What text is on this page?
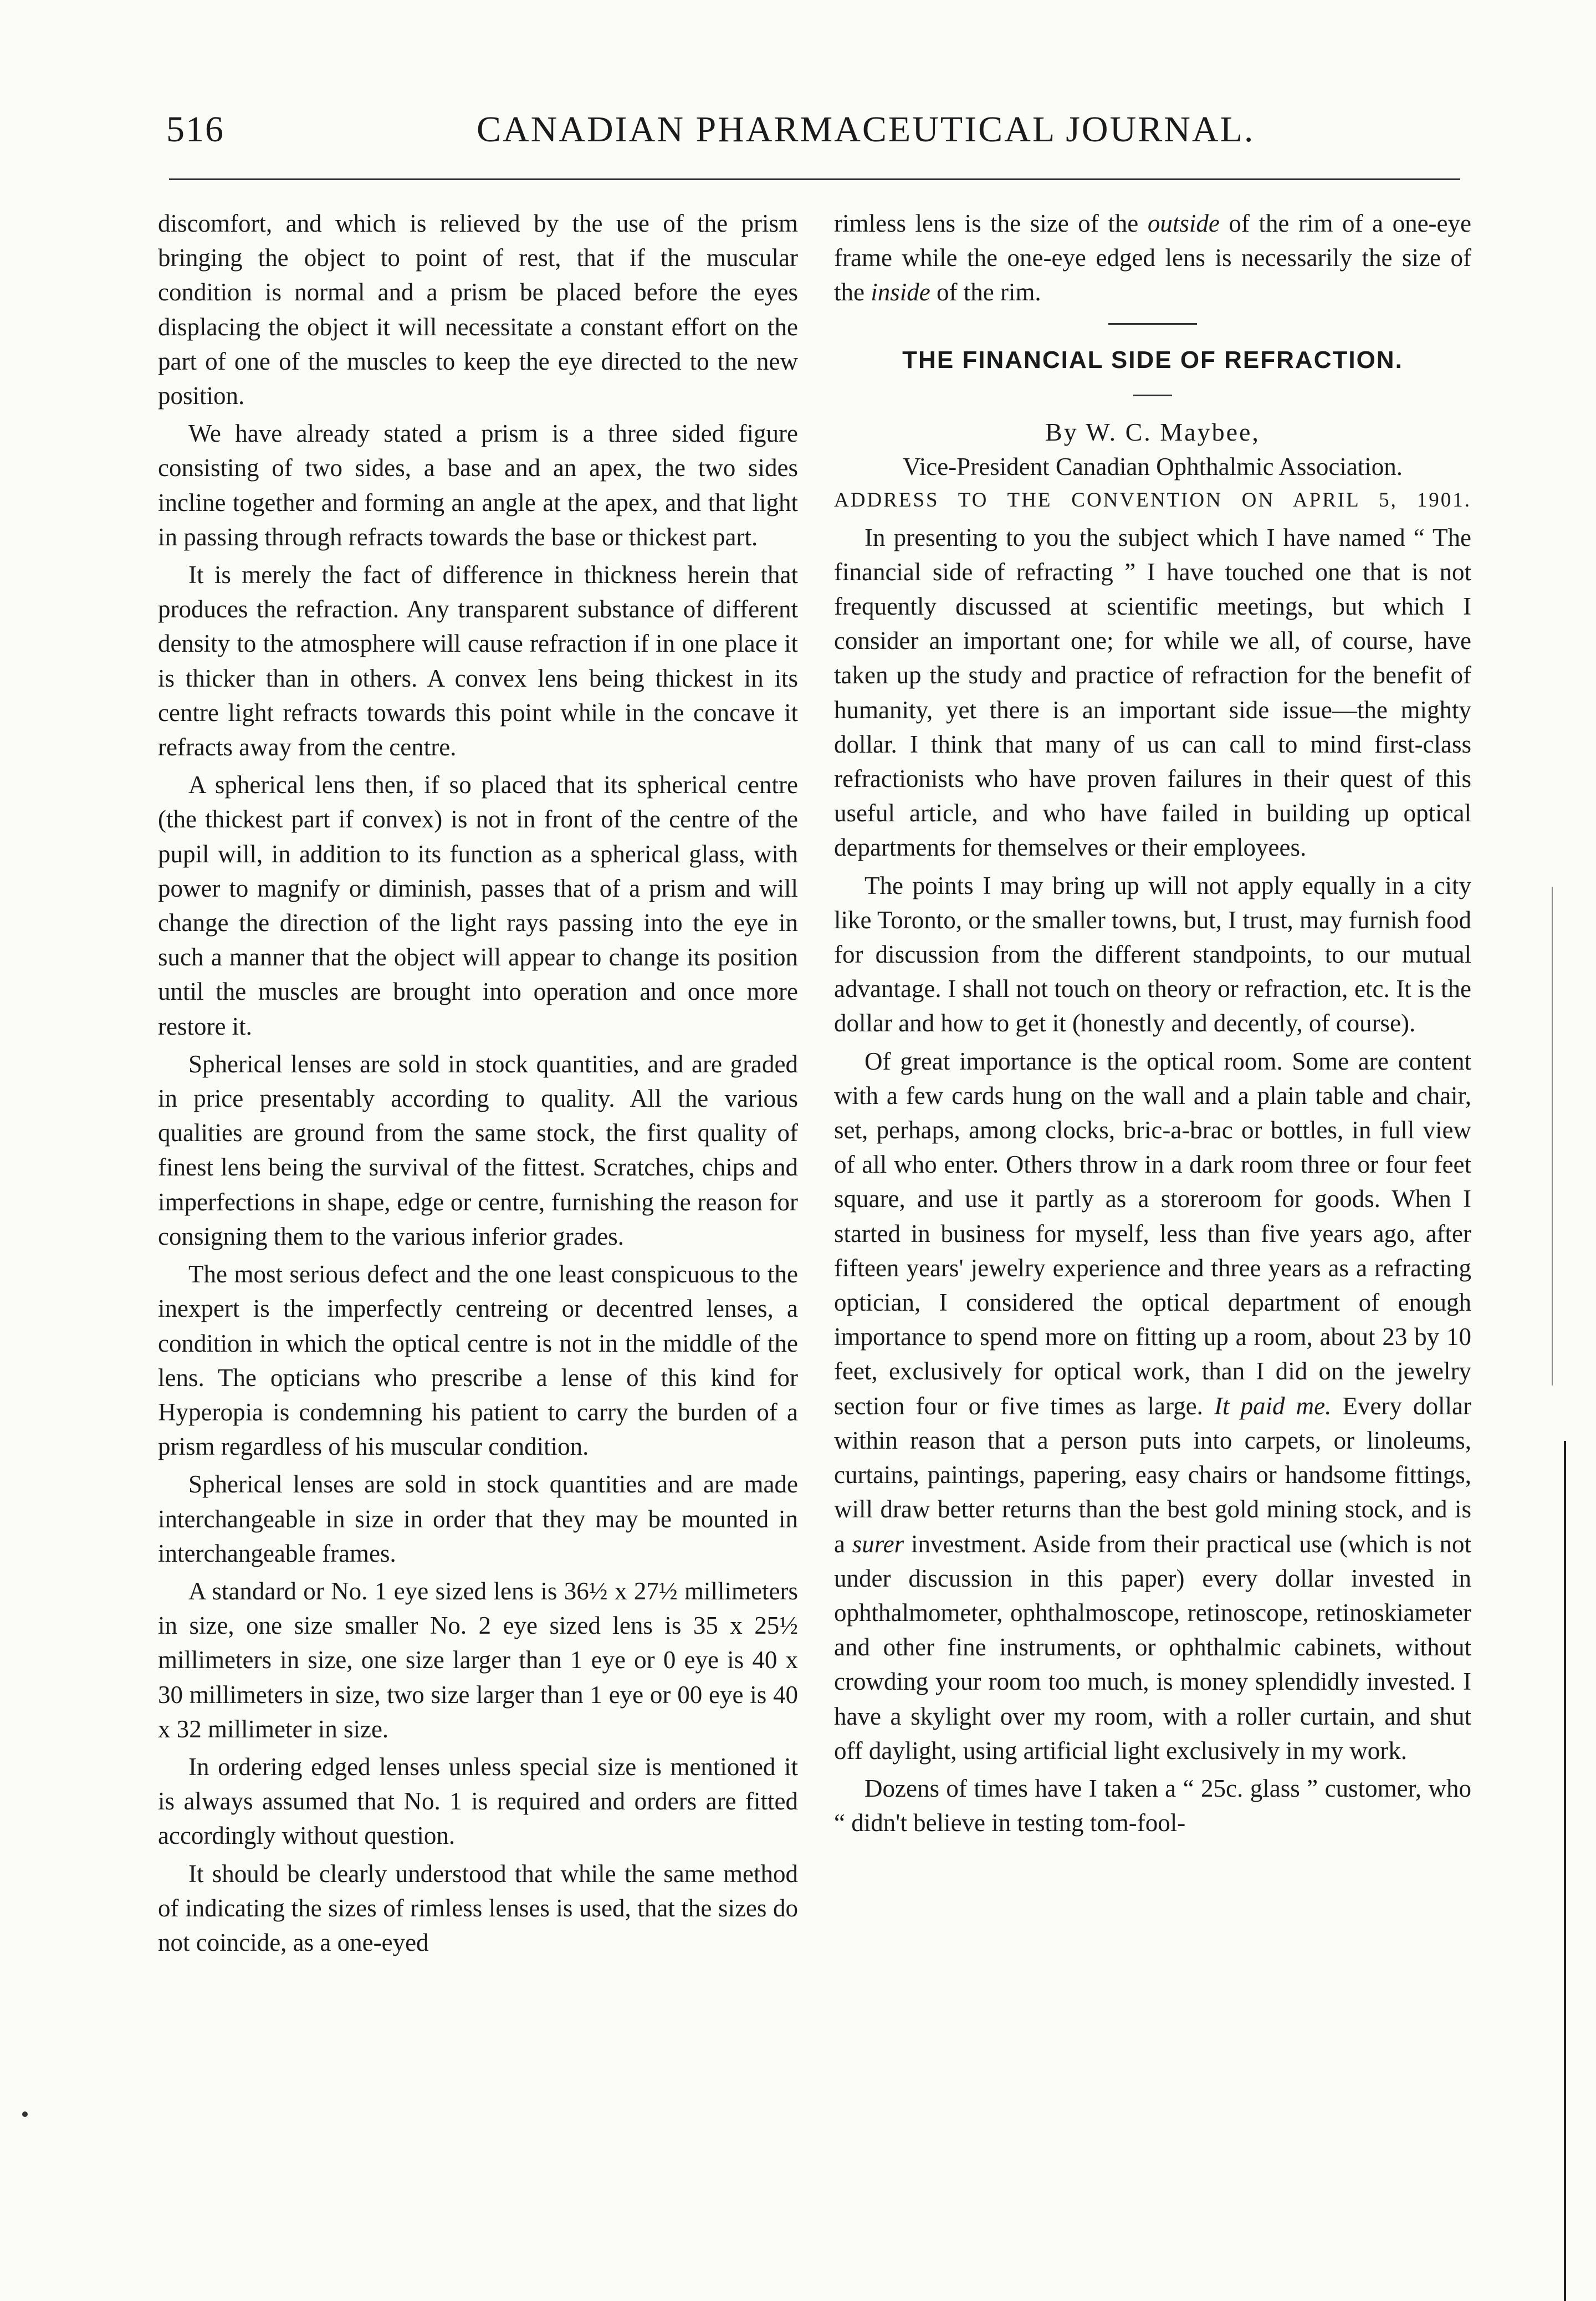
516	CANADIAN PHARMACEUTICAL JOURNAL.

discomfort, and which is relieved by the use of the prism bringing the object to point of rest, that if the muscular condition is normal and a prism be placed before the eyes displacing the object it will necessitate a constant effort on the part of one of the muscles to keep the eye directed to the new position.

We have already stated a prism is a three sided figure consisting of two sides, a base and an apex, the two sides incline together and forming an angle at the apex, and that light in passing through refracts towards the base or thickest part.

It is merely the fact of difference in thickness herein that produces the refraction. Any transparent substance of different density to the atmosphere will cause refraction if in one place it is thicker than in others. A convex lens being thickest in its centre light refracts towards this point while in the concave it refracts away from the centre.

A spherical lens then, if so placed that its spherical centre (the thickest part if convex) is not in front of the centre of the pupil will, in addition to its function as a spherical glass, with power to magnify or diminish, passes that of a prism and will change the direction of the light rays passing into the eye in such a manner that the object will appear to change its position until the muscles are brought into operation and once more restore it.

Spherical lenses are sold in stock quantities, and are graded in price presentably according to quality. All the various qualities are ground from the same stock, the first quality of finest lens being the survival of the fittest. Scratches, chips and imperfections in shape, edge or centre, furnishing the reason for consigning them to the various inferior grades.

The most serious defect and the one least conspicuous to the inexpert is the imperfectly centreing or decentred lenses, a condition in which the optical centre is not in the middle of the lens. The opticians who prescribe a lense of this kind for Hyperopia is condemning his patient to carry the burden of a prism regardless of his muscular condition.

Spherical lenses are sold in stock quantities and are made interchangeable in size in order that they may be mounted in interchangeable frames.

A standard or No. 1 eye sized lens is 36½ x 27½ millimeters in size, one size smaller No. 2 eye sized lens is 35 x 25½ millimeters in size, one size larger than 1 eye or 0 eye is 40 x 30 millimeters in size, two size larger than 1 eye or 00 eye is 40 x 32 millimeter in size.

In ordering edged lenses unless special size is mentioned it is always assumed that No. 1 is required and orders are fitted accordingly without question.

It should be clearly understood that while the same method of indicating the sizes of rimless lenses is used, that the sizes do not coincide, as a one-eyed

rimless lens is the size of the outside of the rim of a one-eye frame while the one-eye edged lens is necessarily the size of the inside of the rim.

THE FINANCIAL SIDE OF REFRACTION.
By W. C. Maybee,
Vice-President Canadian Ophthalmic Association.
ADDRESS TO THE CONVENTION ON APRIL 5, 1901.

In presenting to you the subject which I have named “ The financial side of refracting ” I have touched one that is not frequently discussed at scientific meetings, but which I consider an important one; for while we all, of course, have taken up the study and practice of refraction for the benefit of humanity, yet there is an important side issue—the mighty dollar. I think that many of us can call to mind first-class refractionists who have proven failures in their quest of this useful article, and who have failed in building up optical departments for themselves or their employees.

The points I may bring up will not apply equally in a city like Toronto, or the smaller towns, but, I trust, may furnish food for discussion from the different standpoints, to our mutual advantage. I shall not touch on theory or refraction, etc. It is the dollar and how to get it (honestly and decently, of course).

Of great importance is the optical room. Some are content with a few cards hung on the wall and a plain table and chair, set, perhaps, among clocks, bric-a-brac or bottles, in full view of all who enter. Others throw in a dark room three or four feet square, and use it partly as a storeroom for goods. When I started in business for myself, less than five years ago, after fifteen years' jewelry experience and three years as a refracting optician, I considered the optical department of enough importance to spend more on fitting up a room, about 23 by 10 feet, exclusively for optical work, than I did on the jewelry section four or five times as large. It paid me. Every dollar within reason that a person puts into carpets, or linoleums, curtains, paintings, papering, easy chairs or handsome fittings, will draw better returns than the best gold mining stock, and is a surer investment. Aside from their practical use (which is not under discussion in this paper) every dollar invested in ophthalmometer, ophthalmoscope, retinoscope, retinoskiameter and other fine instruments, or ophthalmic cabinets, without crowding your room too much, is money splendidly invested. I have a skylight over my room, with a roller curtain, and shut off daylight, using artificial light exclusively in my work.

Dozens of times have I taken a “ 25c. glass ” customer, who “ didn't believe in testing tom-fool-
